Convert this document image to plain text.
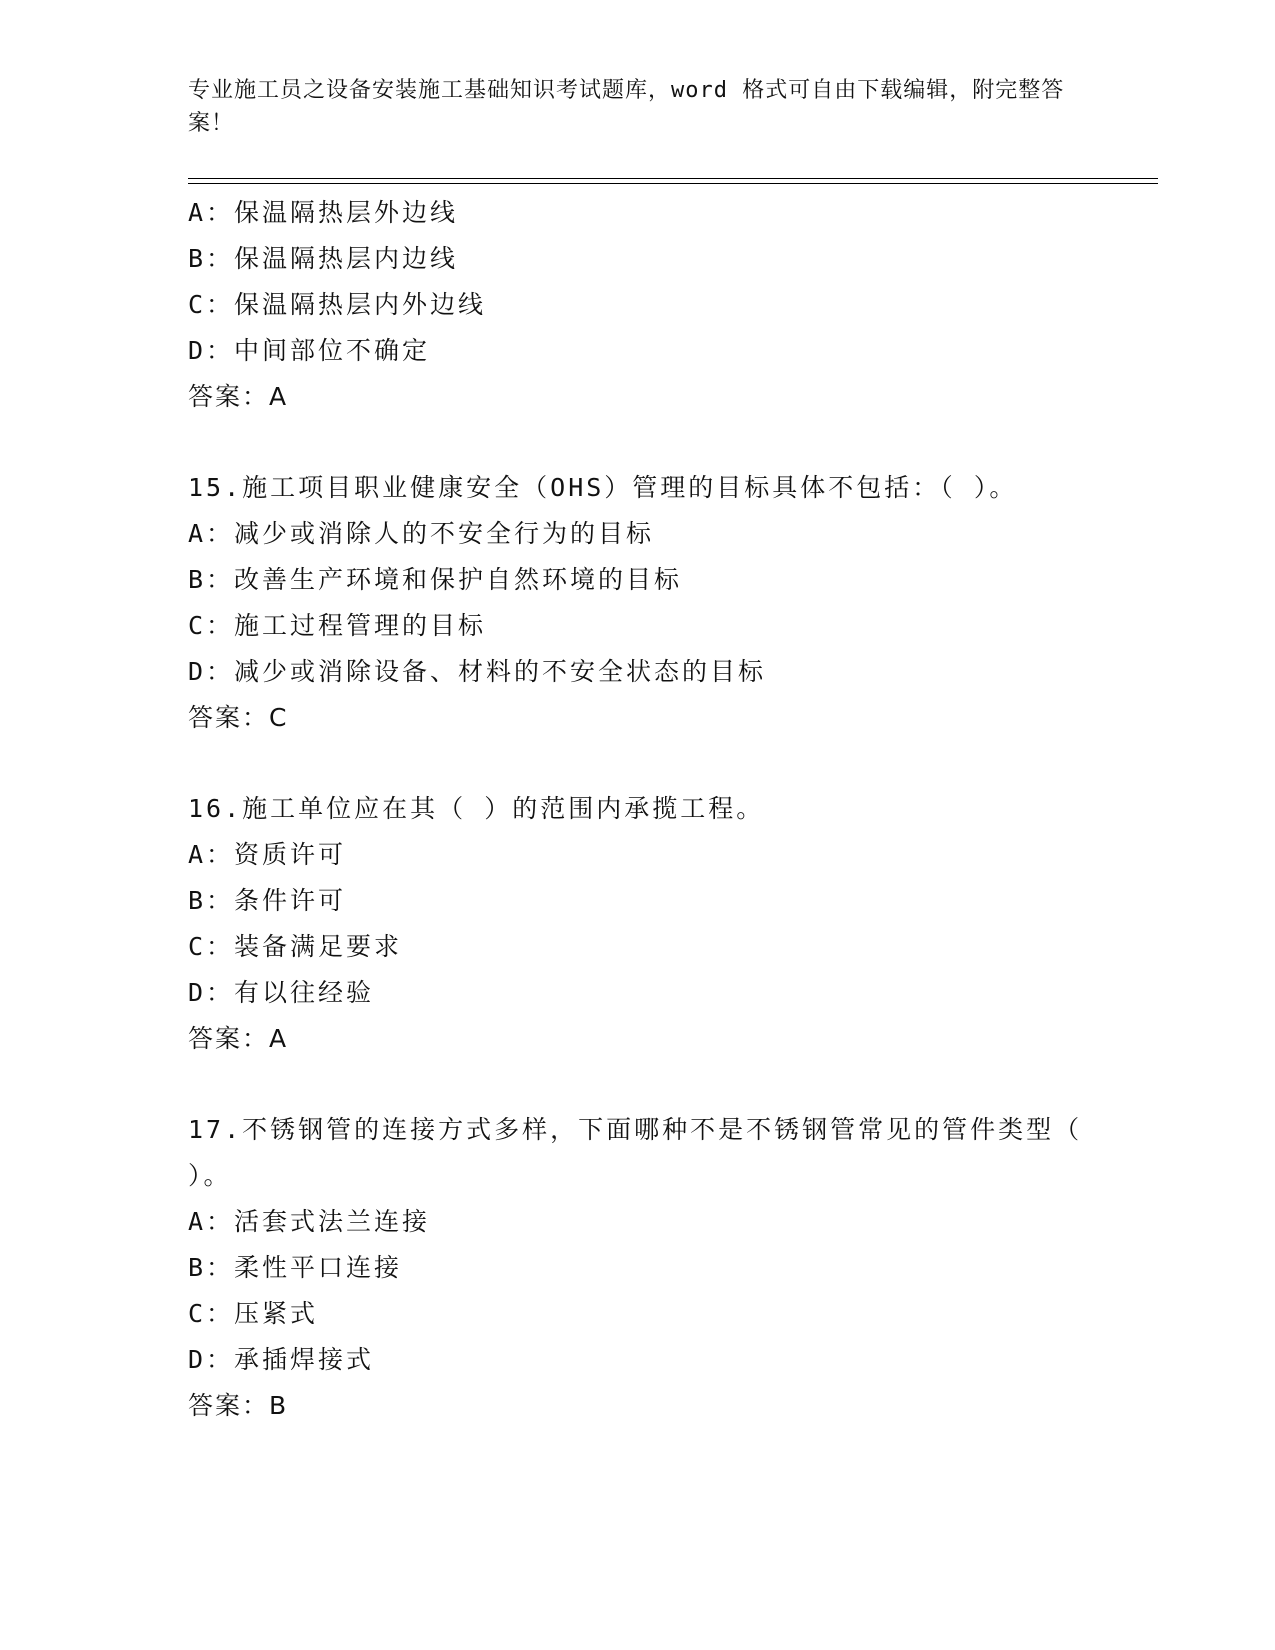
专业施工员之设备安装施工基础知识考试题库，word 格式可自由下载编辑，附完整答案！
A：保温隔热层外边线
B：保温隔热层内边线
C：保温隔热层内外边线
D：中间部位不确定
答案：A
15.施工项目职业健康安全（OHS）管理的目标具体不包括：（ ）。
A：减少或消除人的不安全行为的目标
B：改善生产环境和保护自然环境的目标
C：施工过程管理的目标
D：减少或消除设备、材料的不安全状态的目标
答案：C
16.施工单位应在其（ ）的范围内承揽工程。
A：资质许可
B：条件许可
C：装备满足要求
D：有以往经验
答案：A
17.不锈钢管的连接方式多样，下面哪种不是不锈钢管常见的管件类型（ ）。
A：活套式法兰连接
B：柔性平口连接
C：压紧式
D：承插焊接式
答案：B
